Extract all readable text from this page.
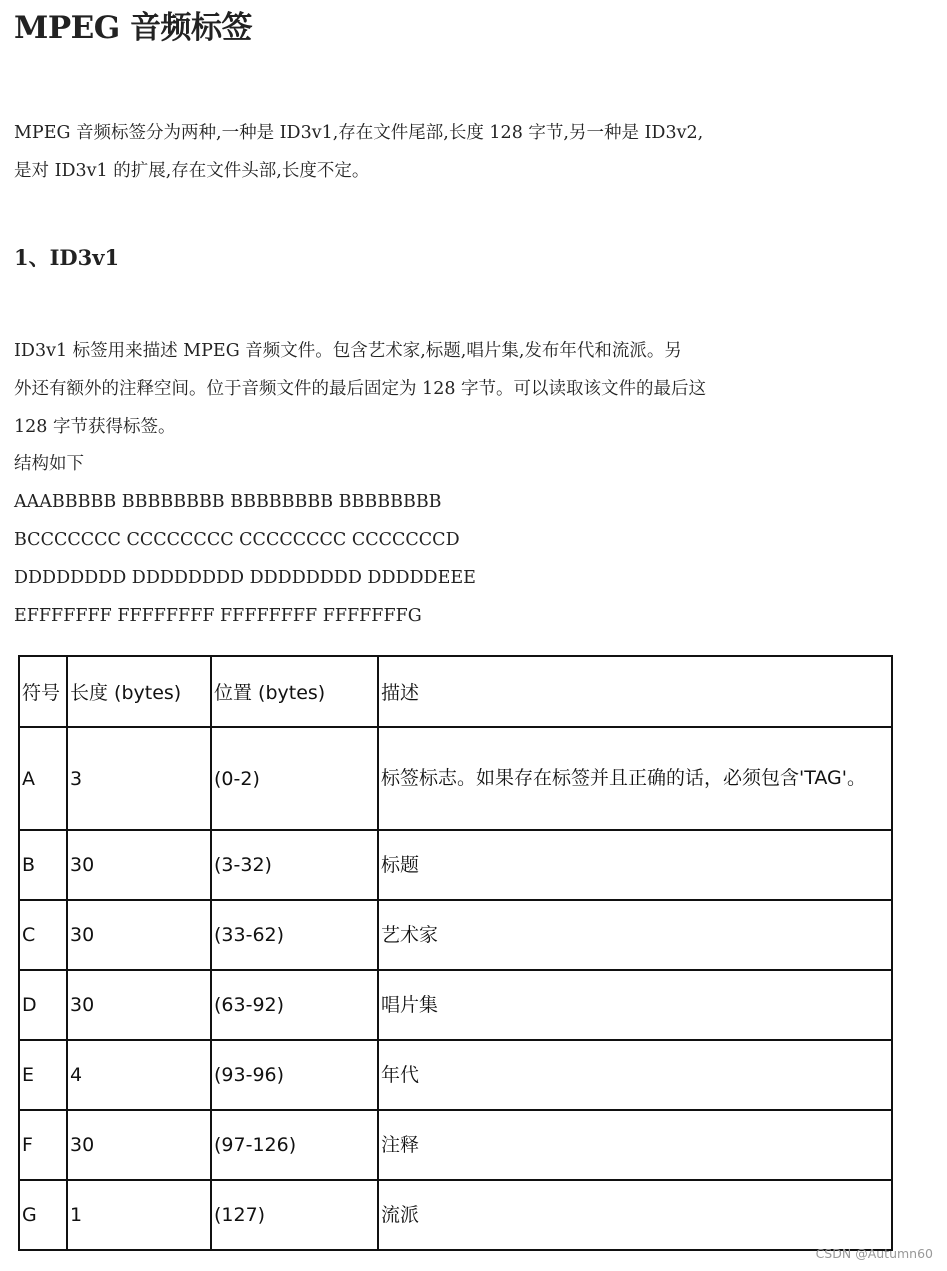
MPEG 音频标签

MPEG 音频标签分为两种,一种是 ID3v1,存在文件尾部,长度 128 字节,另一种是 ID3v2,

是对 ID3v1 的扩展,存在文件头部,长度不定。

1、ID3v1

ID3v1 标签用来描述 MPEG 音频文件。包含艺术家,标题,唱片集,发布年代和流派。另

外还有额外的注释空间。位于音频文件的最后固定为 128 字节。可以读取该文件的最后这

128 字节获得标签。

结构如下

AAABBBBB BBBBBBBB BBBBBBBB BBBBBBBB

BCCCCCCC CCCCCCCC CCCCCCCC CCCCCCCD

DDDDDDDD DDDDDDDD DDDDDDDD DDDDDEEE

EFFFFFFF FFFFFFFF FFFFFFFF FFFFFFFG

符号	长度 (bytes)	位置 (bytes)	描述
A	3	(0-2)	标签标志。如果存在标签并且正确的话，必须包含'TAG'。
B	30	(3-32)	标题
C	30	(33-62)	艺术家
D	30	(63-92)	唱片集
E	4	(93-96)	年代
F	30	(97-126)	注释
G	1	(127)	流派
CSDN @Autumn60
